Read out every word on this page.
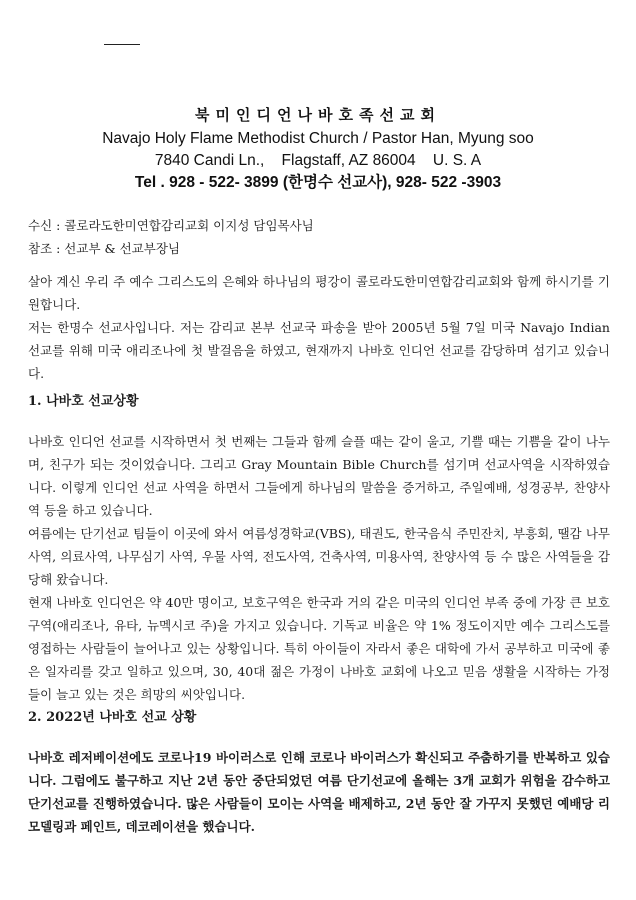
북미인디언나바호족선교회
Navajo Holy Flame Methodist Church / Pastor Han, Myung soo
7840 Candi Ln.,    Flagstaff, AZ 86004    U. S. A
Tel . 928 - 522- 3899 (한명수 선교사), 928- 522 -3903
수신 : 콜로라도한미연합감리교회 이지성 담임목사님
참조 : 선교부 & 선교부장님

살아 계신 우리 주 예수 그리스도의 은혜와 하나님의 평강이 콜로라도한미연합감리교회와 함께 하시기를 기원합니다.

저는 한명수 선교사입니다. 저는 감리교 본부 선교국 파송을 받아 2005년 5월 7일 미국 Navajo Indian 선교를 위해 미국 애리조나에 첫 발걸음을 하였고, 현재까지 나바호 인디언 선교를 감당하며 섬기고 있습니다.

1. 나바호 선교상황

나바호 인디언 선교를 시작하면서 첫 번째는 그들과 함께 슬플 때는 같이 울고, 기쁠 때는 기쁨을 같이 나누며, 친구가 되는 것이었습니다. 그리고 Gray Mountain Bible Church를 섬기며 선교사역을 시작하였습니다. 이렇게 인디언 선교 사역을 하면서 그들에게 하나님의 말씀을 증거하고, 주일예배, 성경공부, 찬양사역 등을 하고 있습니다.

여름에는 단기선교 팀들이 이곳에 와서 여름성경학교(VBS), 태권도, 한국음식 주민잔치, 부흥회, 땔감 나무 사역, 의료사역, 나무심기 사역, 우물 사역, 전도사역, 건축사역, 미용사역, 찬양사역 등 수 많은 사역들을 감당해 왔습니다.

현재 나바호 인디언은 약 40만 명이고, 보호구역은 한국과 거의 같은 미국의 인디언 부족 중에 가장 큰 보호구역(애리조나, 유타, 뉴멕시코 주)을 가지고 있습니다. 기독교 비율은 약 1% 정도이지만 예수 그리스도를 영접하는 사람들이 늘어나고 있는 상황입니다. 특히 아이들이 자라서 좋은 대학에 가서 공부하고 미국에 좋은 일자리를 갖고 일하고 있으며, 30, 40대 젊은 가정이 나바호 교회에 나오고 믿음 생활을 시작하는 가정들이 늘고 있는 것은 희망의 씨앗입니다.

2. 2022년 나바호 선교 상황

나바호 레저베이션에도 코로나19 바이러스로 인해 코로나 바이러스가 확신되고 주춤하기를 반복하고 있습니다. 그럼에도 불구하고 지난 2년 동안 중단되었던 여름 단기선교에 올해는 3개 교회가 위험을 감수하고 단기선교를 진행하였습니다. 많은 사람들이 모이는 사역을 배제하고, 2년 동안 잘 가꾸지 못했던 예배당 리모델링과 페인트, 데코레이션을 했습니다.
